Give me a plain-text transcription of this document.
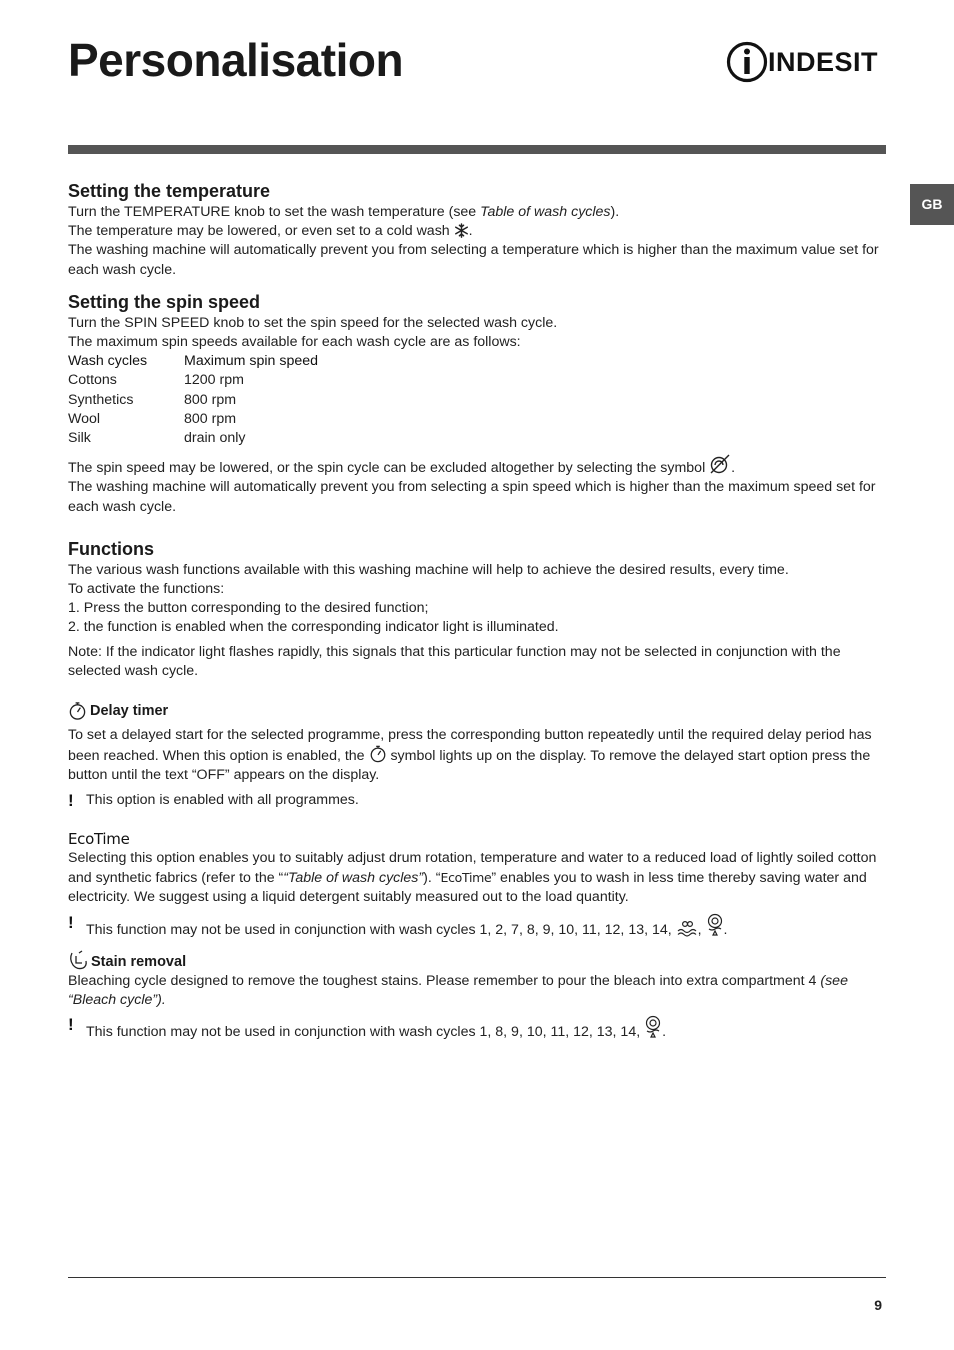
Personalisation	INDESIT
GB
Setting the temperature

Turn the TEMPERATURE knob to set the wash temperature (see Table of wash cycles).

The temperature may be lowered, or even set to a cold wash .

The washing machine will automatically prevent you from selecting a temperature which is higher than the maximum value set for each wash cycle.

Setting the spin speed

Turn the SPIN SPEED knob to set the spin speed for the selected wash cycle.

The maximum spin speeds available for each wash cycle are as follows:

Wash cycles	Maximum spin speed
Cottons	1200 rpm
Synthetics	800 rpm
Wool	800 rpm
Silk	drain only

The spin speed may be lowered, or the spin cycle can be excluded altogether by selecting the symbol .

The washing machine will automatically prevent you from selecting a spin speed which is higher than the maximum speed set for each wash cycle.

Functions

The various wash functions available with this washing machine will help to achieve the desired results, every time.

To activate the functions:

1. Press the button corresponding to the desired function;

2. the function is enabled when the corresponding indicator light is illuminated.

Note: If the indicator light flashes rapidly, this signals that this particular function may not be selected in conjunction with the selected wash cycle.

Delay timer

To set a delayed start for the selected programme, press the corresponding button repeatedly until the required delay period has been reached. When this option is enabled, the  symbol lights up on the display. To remove the delayed start option press the button until the text “OFF” appears on the display.

! This option is enabled with all programmes.
EcoTime

Selecting this option enables you to suitably adjust drum rotation, temperature and water to a reduced load of lightly soiled cotton and synthetic fabrics (refer to the ““Table of wash cycles”). “EcoTime” enables you to wash in less time thereby saving water and electricity. We suggest using a liquid detergent suitably measured out to the load quantity.

! This function may not be used in conjunction with wash cycles 1, 2, 7, 8, 9, 10, 11, 12, 13, 14, , .
Stain removal

Bleaching cycle designed to remove the toughest stains. Please remember to pour the bleach into extra compartment 4 (see “Bleach cycle”).

! This function may not be used in conjunction with wash cycles 1, 8, 9, 10, 11, 12, 13, 14, .
9
